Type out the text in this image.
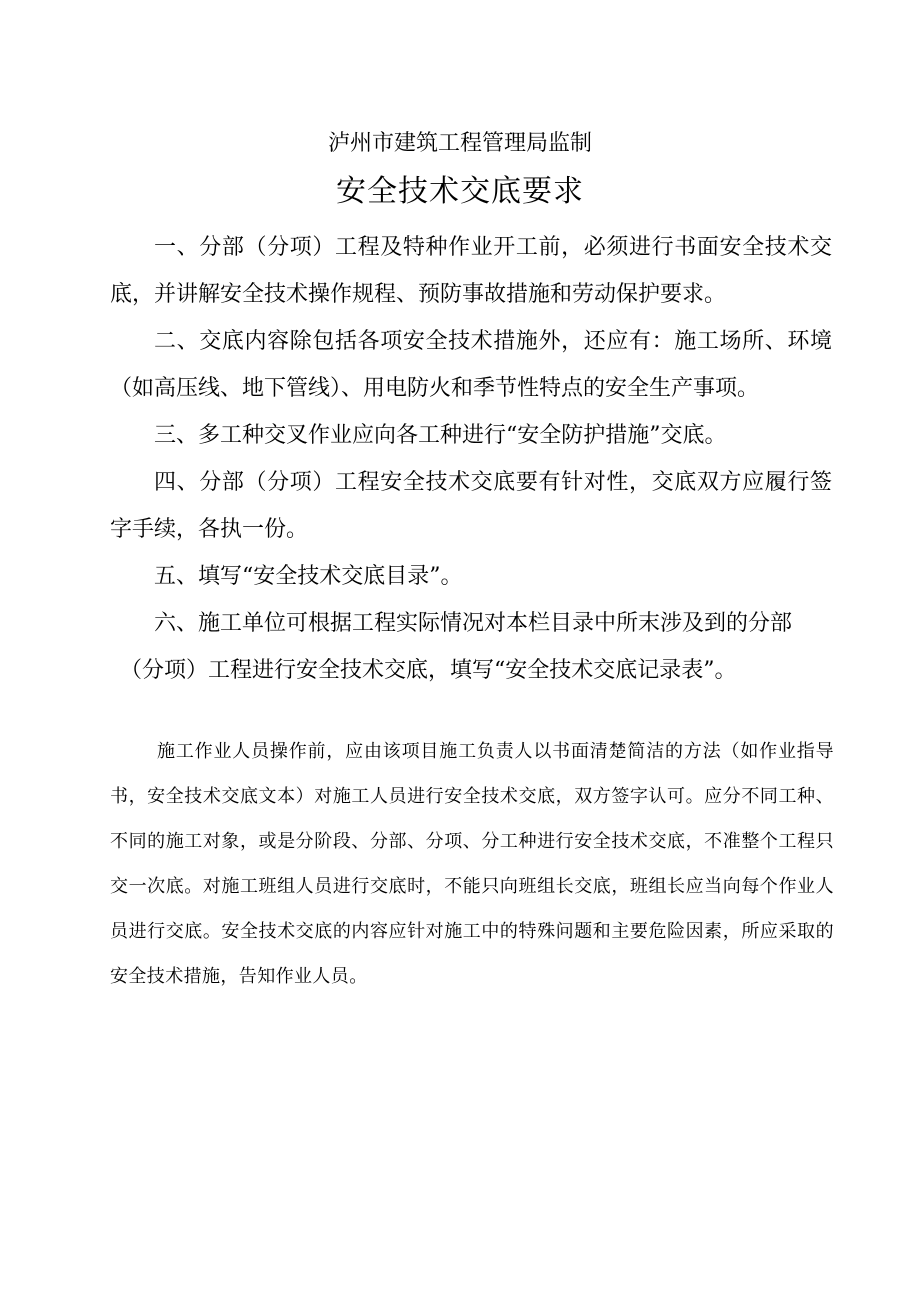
泸州市建筑工程管理局监制
安全技术交底要求

一、分部（分项）工程及特种作业开工前，必须进行书面安全技术交底，并讲解安全技术操作规程、预防事故措施和劳动保护要求。

二、交底内容除包括各项安全技术措施外，还应有：施工场所、环境（如高压线、地下管线）、用电防火和季节性特点的安全生产事项。

三、多工种交叉作业应向各工种进行“安全防护措施”交底。

四、分部（分项）工程安全技术交底要有针对性，交底双方应履行签字手续，各执一份。

五、填写“安全技术交底目录”。

六、施工单位可根据工程实际情况对本栏目录中所末涉及到的分部

（分项）工程进行安全技术交底，填写“安全技术交底记录表”。

施工作业人员操作前，应由该项目施工负责人以书面清楚简洁的方法（如作业指导书，安全技术交底文本）对施工人员进行安全技术交底，双方签字认可。应分不同工种、不同的施工对象，或是分阶段、分部、分项、分工种进行安全技术交底，不准整个工程只交一次底。对施工班组人员进行交底时，不能只向班组长交底，班组长应当向每个作业人员进行交底。安全技术交底的内容应针对施工中的特殊问题和主要危险因素，所应采取的安全技术措施，告知作业人员。
